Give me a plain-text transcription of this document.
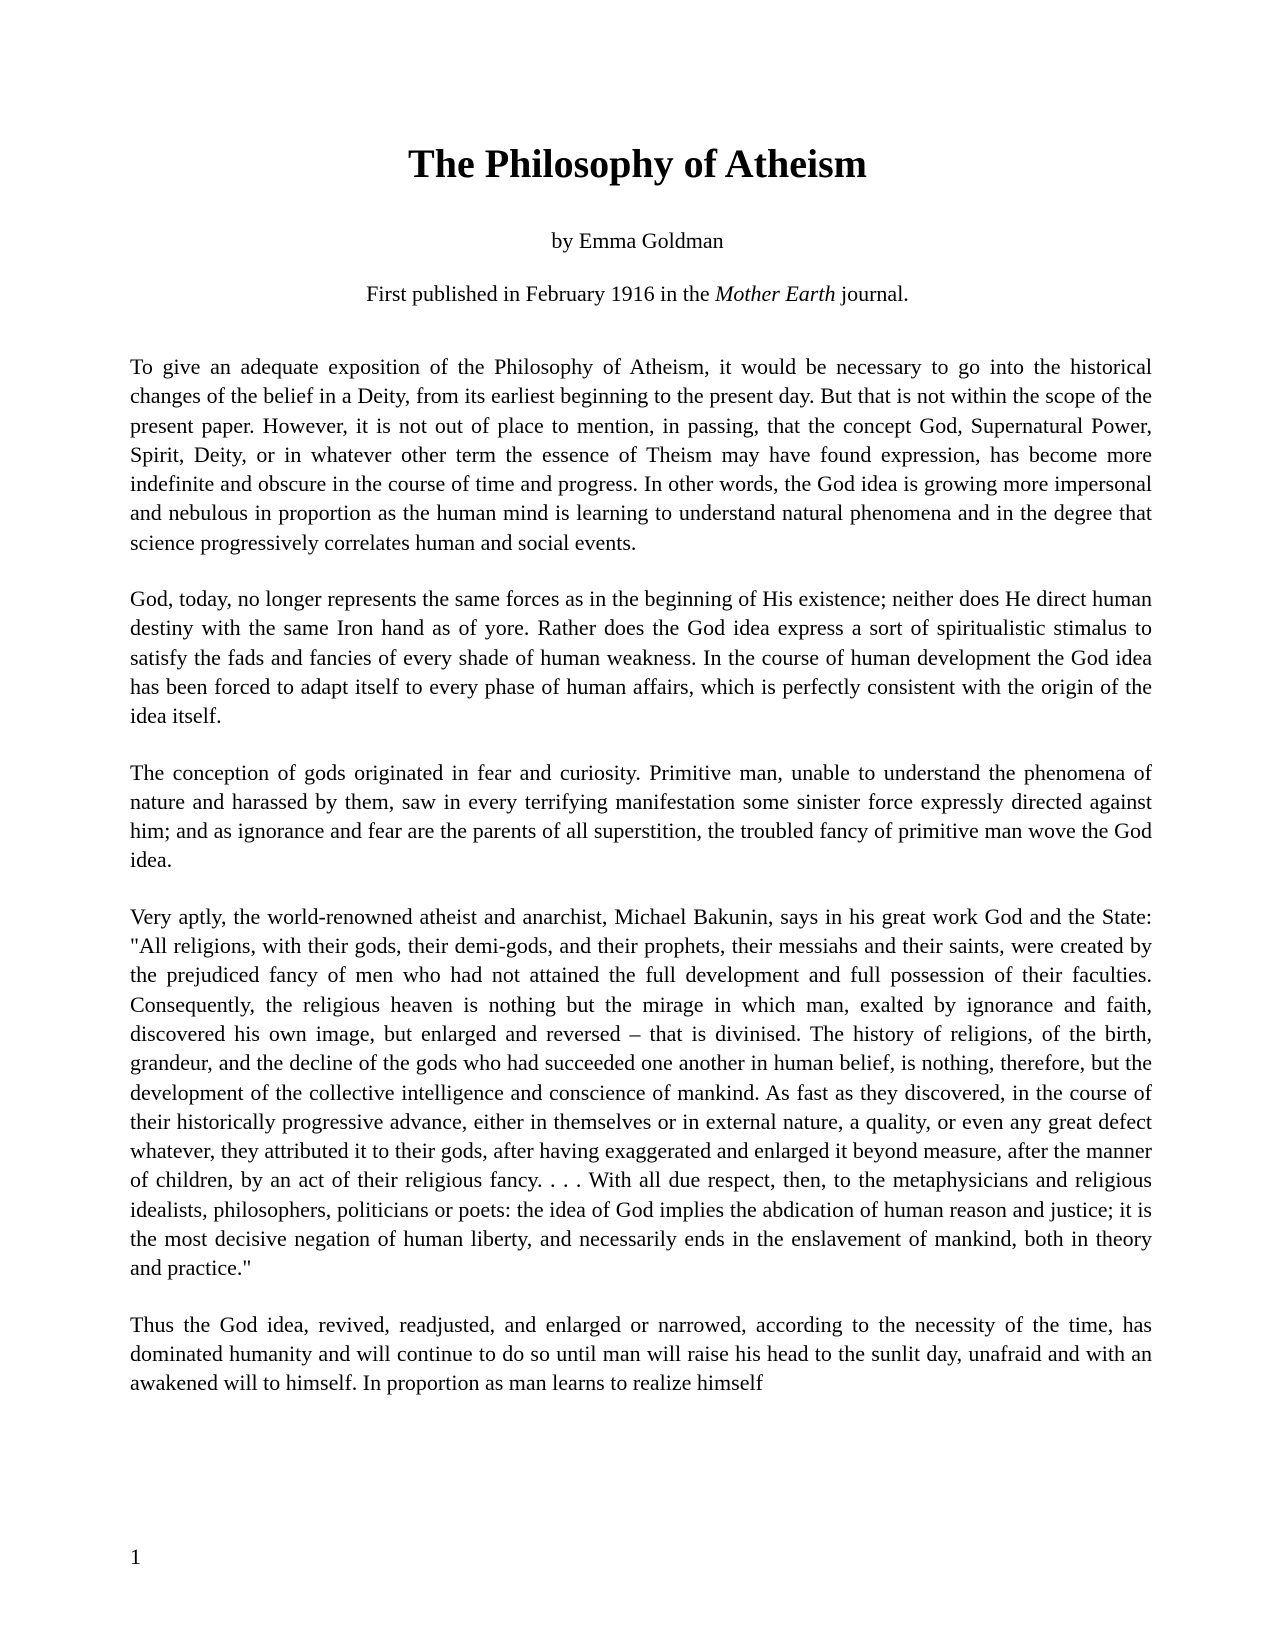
The Philosophy of Atheism
by Emma Goldman
First published in February 1916 in the Mother Earth journal.

To give an adequate exposition of the Philosophy of Atheism, it would be necessary to go into the historical changes of the belief in a Deity, from its earliest beginning to the present day. But that is not within the scope of the present paper. However, it is not out of place to mention, in passing, that the concept God, Supernatural Power, Spirit, Deity, or in whatever other term the essence of Theism may have found expression, has become more indefinite and obscure in the course of time and progress. In other words, the God idea is growing more impersonal and nebulous in proportion as the human mind is learning to understand natural phenomena and in the degree that science progressively correlates human and social events.

God, today, no longer represents the same forces as in the beginning of His existence; neither does He direct human destiny with the same Iron hand as of yore. Rather does the God idea express a sort of spiritualistic stimalus to satisfy the fads and fancies of every shade of human weakness. In the course of human development the God idea has been forced to adapt itself to every phase of human affairs, which is perfectly consistent with the origin of the idea itself.

The conception of gods originated in fear and curiosity. Primitive man, unable to understand the phenomena of nature and harassed by them, saw in every terrifying manifestation some sinister force expressly directed against him; and as ignorance and fear are the parents of all superstition, the troubled fancy of primitive man wove the God idea.

Very aptly, the world-renowned atheist and anarchist, Michael Bakunin, says in his great work God and the State: "All religions, with their gods, their demi-gods, and their prophets, their messiahs and their saints, were created by the prejudiced fancy of men who had not attained the full development and full possession of their faculties. Consequently, the religious heaven is nothing but the mirage in which man, exalted by ignorance and faith, discovered his own image, but enlarged and reversed – that is divinised. The history of religions, of the birth, grandeur, and the decline of the gods who had succeeded one another in human belief, is nothing, therefore, but the development of the collective intelligence and conscience of mankind. As fast as they discovered, in the course of their historically progressive advance, either in themselves or in external nature, a quality, or even any great defect whatever, they attributed it to their gods, after having exaggerated and enlarged it beyond measure, after the manner of children, by an act of their religious fancy. . . . With all due respect, then, to the metaphysicians and religious idealists, philosophers, politicians or poets: the idea of God implies the abdication of human reason and justice; it is the most decisive negation of human liberty, and necessarily ends in the enslavement of mankind, both in theory and practice."

Thus the God idea, revived, readjusted, and enlarged or narrowed, according to the necessity of the time, has dominated humanity and will continue to do so until man will raise his head to the sunlit day, unafraid and with an awakened will to himself. In proportion as man learns to realize himself

1
